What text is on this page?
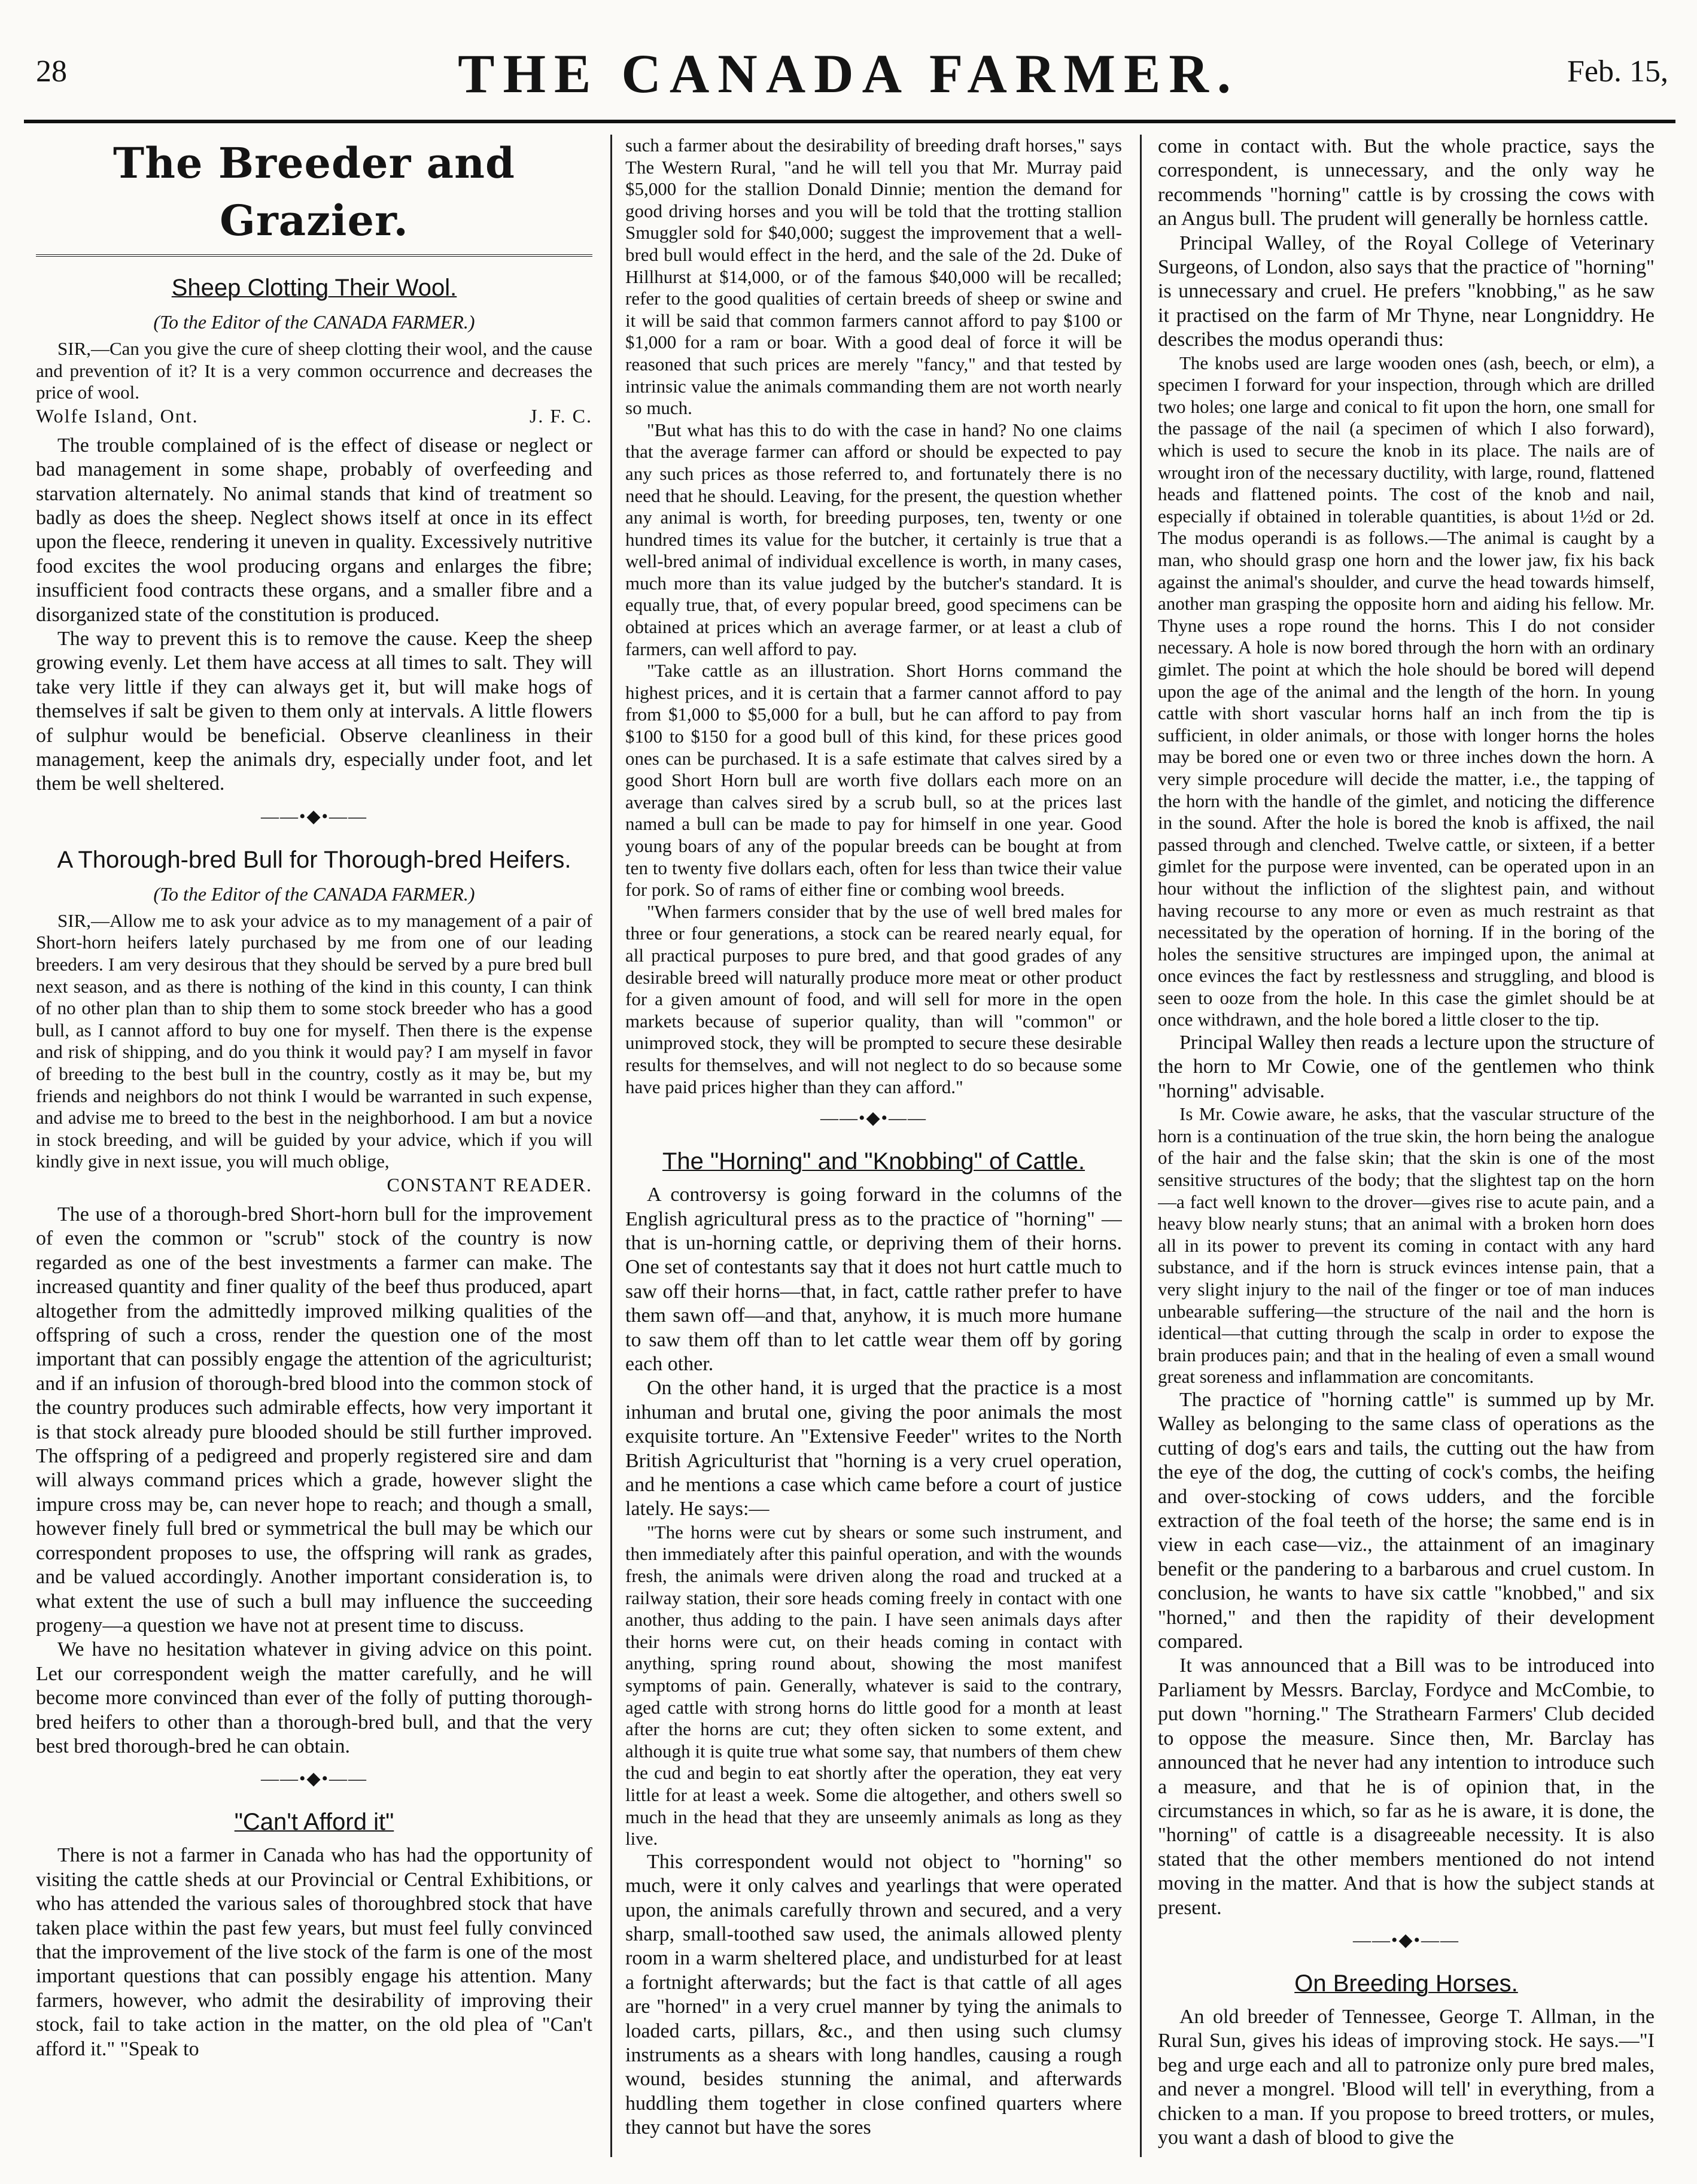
28	THE CANADA FARMER.	Feb. 15,
The Breeder and Grazier.
Sheep Clotting Their Wool.
(To the Editor of the CANADA FARMER.)

SIR,—Can you give the cure of sheep clotting their wool, and the cause and prevention of it? It is a very common occurrence and decreases the price of wool.

Wolfe Island, Ont.	J. F. C.

The trouble complained of is the effect of disease or neglect or bad management in some shape, probably of overfeeding and starvation alternately. No animal stands that kind of treatment so badly as does the sheep. Neglect shows itself at once in its effect upon the fleece, rendering it uneven in quality. Excessively nutritive food excites the wool producing organs and enlarges the fibre; insufficient food contracts these organs, and a smaller fibre and a disorganized state of the constitution is produced.

The way to prevent this is to remove the cause. Keep the sheep growing evenly. Let them have access at all times to salt. They will take very little if they can always get it, but will make hogs of themselves if salt be given to them only at intervals. A little flowers of sulphur would be beneficial. Observe cleanliness in their management, keep the animals dry, especially under foot, and let them be well sheltered.

——•◆•——
A Thorough-bred Bull for Thorough-bred Heifers.
(To the Editor of the CANADA FARMER.)

SIR,—Allow me to ask your advice as to my management of a pair of Short-horn heifers lately purchased by me from one of our leading breeders. I am very desirous that they should be served by a pure bred bull next season, and as there is nothing of the kind in this county, I can think of no other plan than to ship them to some stock breeder who has a good bull, as I cannot afford to buy one for myself. Then there is the expense and risk of shipping, and do you think it would pay? I am myself in favor of breeding to the best bull in the country, costly as it may be, but my friends and neighbors do not think I would be warranted in such expense, and advise me to breed to the best in the neighborhood. I am but a novice in stock breeding, and will be guided by your advice, which if you will kindly give in next issue, you will much oblige,

CONSTANT READER.

The use of a thorough-bred Short-horn bull for the improvement of even the common or "scrub" stock of the country is now regarded as one of the best investments a farmer can make. The increased quantity and finer quality of the beef thus produced, apart altogether from the admittedly improved milking qualities of the offspring of such a cross, render the question one of the most important that can possibly engage the attention of the agriculturist; and if an infusion of thorough-bred blood into the common stock of the country produces such admirable effects, how very important it is that stock already pure blooded should be still further improved. The offspring of a pedigreed and properly registered sire and dam will always command prices which a grade, however slight the impure cross may be, can never hope to reach; and though a small, however finely full bred or symmetrical the bull may be which our correspondent proposes to use, the offspring will rank as grades, and be valued accordingly. Another important consideration is, to what extent the use of such a bull may influence the succeeding progeny—a question we have not at present time to discuss.

We have no hesitation whatever in giving advice on this point. Let our correspondent weigh the matter carefully, and he will become more convinced than ever of the folly of putting thorough-bred heifers to other than a thorough-bred bull, and that the very best bred thorough-bred he can obtain.

——•◆•——
"Can't Afford it"

There is not a farmer in Canada who has had the opportunity of visiting the cattle sheds at our Provincial or Central Exhibitions, or who has attended the various sales of thoroughbred stock that have taken place within the past few years, but must feel fully convinced that the improvement of the live stock of the farm is one of the most important questions that can possibly engage his attention. Many farmers, however, who admit the desirability of improving their stock, fail to take action in the matter, on the old plea of "Can't afford it." "Speak to

such a farmer about the desirability of breeding draft horses," says The Western Rural, "and he will tell you that Mr. Murray paid $5,000 for the stallion Donald Dinnie; mention the demand for good driving horses and you will be told that the trotting stallion Smuggler sold for $40,000; suggest the improvement that a well-bred bull would effect in the herd, and the sale of the 2d. Duke of Hillhurst at $14,000, or of the famous $40,000 will be recalled; refer to the good qualities of certain breeds of sheep or swine and it will be said that common farmers cannot afford to pay $100 or $1,000 for a ram or boar. With a good deal of force it will be reasoned that such prices are merely "fancy," and that tested by intrinsic value the animals commanding them are not worth nearly so much.

"But what has this to do with the case in hand? No one claims that the average farmer can afford or should be expected to pay any such prices as those referred to, and fortunately there is no need that he should. Leaving, for the present, the question whether any animal is worth, for breeding purposes, ten, twenty or one hundred times its value for the butcher, it certainly is true that a well-bred animal of individual excellence is worth, in many cases, much more than its value judged by the butcher's standard. It is equally true, that, of every popular breed, good specimens can be obtained at prices which an average farmer, or at least a club of farmers, can well afford to pay.

"Take cattle as an illustration. Short Horns command the highest prices, and it is certain that a farmer cannot afford to pay from $1,000 to $5,000 for a bull, but he can afford to pay from $100 to $150 for a good bull of this kind, for these prices good ones can be purchased. It is a safe estimate that calves sired by a good Short Horn bull are worth five dollars each more on an average than calves sired by a scrub bull, so at the prices last named a bull can be made to pay for himself in one year. Good young boars of any of the popular breeds can be bought at from ten to twenty five dollars each, often for less than twice their value for pork. So of rams of either fine or combing wool breeds.

"When farmers consider that by the use of well bred males for three or four generations, a stock can be reared nearly equal, for all practical purposes to pure bred, and that good grades of any desirable breed will naturally produce more meat or other product for a given amount of food, and will sell for more in the open markets because of superior quality, than will "common" or unimproved stock, they will be prompted to secure these desirable results for themselves, and will not neglect to do so because some have paid prices higher than they can afford."

——•◆•——
The "Horning" and "Knobbing" of Cattle.

A controversy is going forward in the columns of the English agricultural press as to the practice of "horning" —that is un-horning cattle, or depriving them of their horns. One set of contestants say that it does not hurt cattle much to saw off their horns—that, in fact, cattle rather prefer to have them sawn off—and that, anyhow, it is much more humane to saw them off than to let cattle wear them off by goring each other.

On the other hand, it is urged that the practice is a most inhuman and brutal one, giving the poor animals the most exquisite torture. An "Extensive Feeder" writes to the North British Agriculturist that "horning is a very cruel operation, and he mentions a case which came before a court of justice lately. He says:—

"The horns were cut by shears or some such instrument, and then immediately after this painful operation, and with the wounds fresh, the animals were driven along the road and trucked at a railway station, their sore heads coming freely in contact with one another, thus adding to the pain. I have seen animals days after their horns were cut, on their heads coming in contact with anything, spring round about, showing the most manifest symptoms of pain. Generally, whatever is said to the contrary, aged cattle with strong horns do little good for a month at least after the horns are cut; they often sicken to some extent, and although it is quite true what some say, that numbers of them chew the cud and begin to eat shortly after the operation, they eat very little for at least a week. Some die altogether, and others swell so much in the head that they are unseemly animals as long as they live.

This correspondent would not object to "horning" so much, were it only calves and yearlings that were operated upon, the animals carefully thrown and secured, and a very sharp, small-toothed saw used, the animals allowed plenty room in a warm sheltered place, and undisturbed for at least a fortnight afterwards; but the fact is that cattle of all ages are "horned" in a very cruel manner by tying the animals to loaded carts, pillars, &c., and then using such clumsy instruments as a shears with long handles, causing a rough wound, besides stunning the animal, and afterwards huddling them together in close confined quarters where they cannot but have the sores

come in contact with. But the whole practice, says the correspondent, is unnecessary, and the only way he recommends "horning" cattle is by crossing the cows with an Angus bull. The prudent will generally be hornless cattle.

Principal Walley, of the Royal College of Veterinary Surgeons, of London, also says that the practice of "horning" is unnecessary and cruel. He prefers "knobbing," as he saw it practised on the farm of Mr Thyne, near Longniddry. He describes the modus operandi thus:

The knobs used are large wooden ones (ash, beech, or elm), a specimen I forward for your inspection, through which are drilled two holes; one large and conical to fit upon the horn, one small for the passage of the nail (a specimen of which I also forward), which is used to secure the knob in its place. The nails are of wrought iron of the necessary ductility, with large, round, flattened heads and flattened points. The cost of the knob and nail, especially if obtained in tolerable quantities, is about 1½d or 2d. The modus operandi is as follows.—The animal is caught by a man, who should grasp one horn and the lower jaw, fix his back against the animal's shoulder, and curve the head towards himself, another man grasping the opposite horn and aiding his fellow. Mr. Thyne uses a rope round the horns. This I do not consider necessary. A hole is now bored through the horn with an ordinary gimlet. The point at which the hole should be bored will depend upon the age of the animal and the length of the horn. In young cattle with short vascular horns half an inch from the tip is sufficient, in older animals, or those with longer horns the holes may be bored one or even two or three inches down the horn. A very simple procedure will decide the matter, i.e., the tapping of the horn with the handle of the gimlet, and noticing the difference in the sound. After the hole is bored the knob is affixed, the nail passed through and clenched. Twelve cattle, or sixteen, if a better gimlet for the purpose were invented, can be operated upon in an hour without the infliction of the slightest pain, and without having recourse to any more or even as much restraint as that necessitated by the operation of horning. If in the boring of the holes the sensitive structures are impinged upon, the animal at once evinces the fact by restlessness and struggling, and blood is seen to ooze from the hole. In this case the gimlet should be at once withdrawn, and the hole bored a little closer to the tip.

Principal Walley then reads a lecture upon the structure of the horn to Mr Cowie, one of the gentlemen who think "horning" advisable.

Is Mr. Cowie aware, he asks, that the vascular structure of the horn is a continuation of the true skin, the horn being the analogue of the hair and the false skin; that the skin is one of the most sensitive structures of the body; that the slightest tap on the horn—a fact well known to the drover—gives rise to acute pain, and a heavy blow nearly stuns; that an animal with a broken horn does all in its power to prevent its coming in contact with any hard substance, and if the horn is struck evinces intense pain, that a very slight injury to the nail of the finger or toe of man induces unbearable suffering—the structure of the nail and the horn is identical—that cutting through the scalp in order to expose the brain produces pain; and that in the healing of even a small wound great soreness and inflammation are concomitants.

The practice of "horning cattle" is summed up by Mr. Walley as belonging to the same class of operations as the cutting of dog's ears and tails, the cutting out the haw from the eye of the dog, the cutting of cock's combs, the heifing and over-stocking of cows udders, and the forcible extraction of the foal teeth of the horse; the same end is in view in each case—viz., the attainment of an imaginary benefit or the pandering to a barbarous and cruel custom. In conclusion, he wants to have six cattle "knobbed," and six "horned," and then the rapidity of their development compared.

It was announced that a Bill was to be introduced into Parliament by Messrs. Barclay, Fordyce and McCombie, to put down "horning." The Strathearn Farmers' Club decided to oppose the measure. Since then, Mr. Barclay has announced that he never had any intention to introduce such a measure, and that he is of opinion that, in the circumstances in which, so far as he is aware, it is done, the "horning" of cattle is a disagreeable necessity. It is also stated that the other members mentioned do not intend moving in the matter. And that is how the subject stands at present.

——•◆•——
On Breeding Horses.

An old breeder of Tennessee, George T. Allman, in the Rural Sun, gives his ideas of improving stock. He says.—"I beg and urge each and all to patronize only pure bred males, and never a mongrel. 'Blood will tell' in everything, from a chicken to a man. If you propose to breed trotters, or mules, you want a dash of blood to give the
